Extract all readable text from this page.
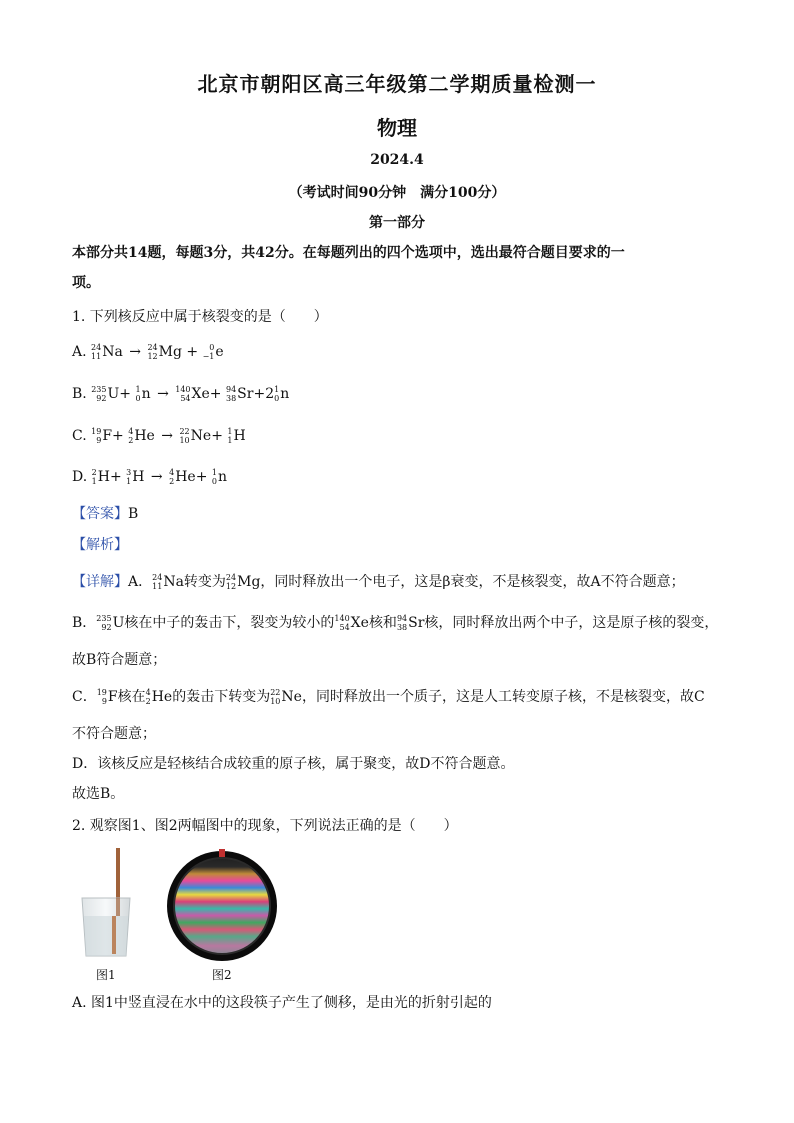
北京市朝阳区高三年级第二学期质量检测一
物理
2024.4
（考试时间90分钟　满分100分）
第一部分
本部分共14题，每题3分，共42分。在每题列出的四个选项中，选出最符合题目要求的一
项。
1. 下列核反应中属于核裂变的是（　　）
A. 24
11 Na → 24
12 Mg +	0
−1 e
B. 235
92 U+ 1
0 n → 140
54 Xe+ 94
38 Sr+2 1
0 n
C. 19
9 F+ 4
2 He → 22
10 Ne+ 1
1 H
D. 2
1 H+ 3
1 H → 4
2 He+ 1
0 n
【答案】B
【解析】
【详解】A． 24
11 Na转变为 24
12 Mg，同时释放出一个电子，这是β衰变，不是核裂变，故A不符合题意；
B． 235
92 U核在中子的轰击下，裂变为较小的 140
54 Xe核和 94
38 Sr核，同时释放出两个中子，这是原子核的裂变，
故B符合题意；
C． 19
9 F核在 4
2 He的轰击下转变为 22
10 Ne，同时释放出一个质子，这是人工转变原子核，不是核裂变，故C
不符合题意；
D．该核反应是轻核结合成较重的原子核，属于聚变，故D不符合题意。
故选B。
2. 观察图1、图2两幅图中的现象，下列说法正确的是（　　）
图1	图2
A. 图1中竖直浸在水中的这段筷子产生了侧移，是由光的折射引起的
